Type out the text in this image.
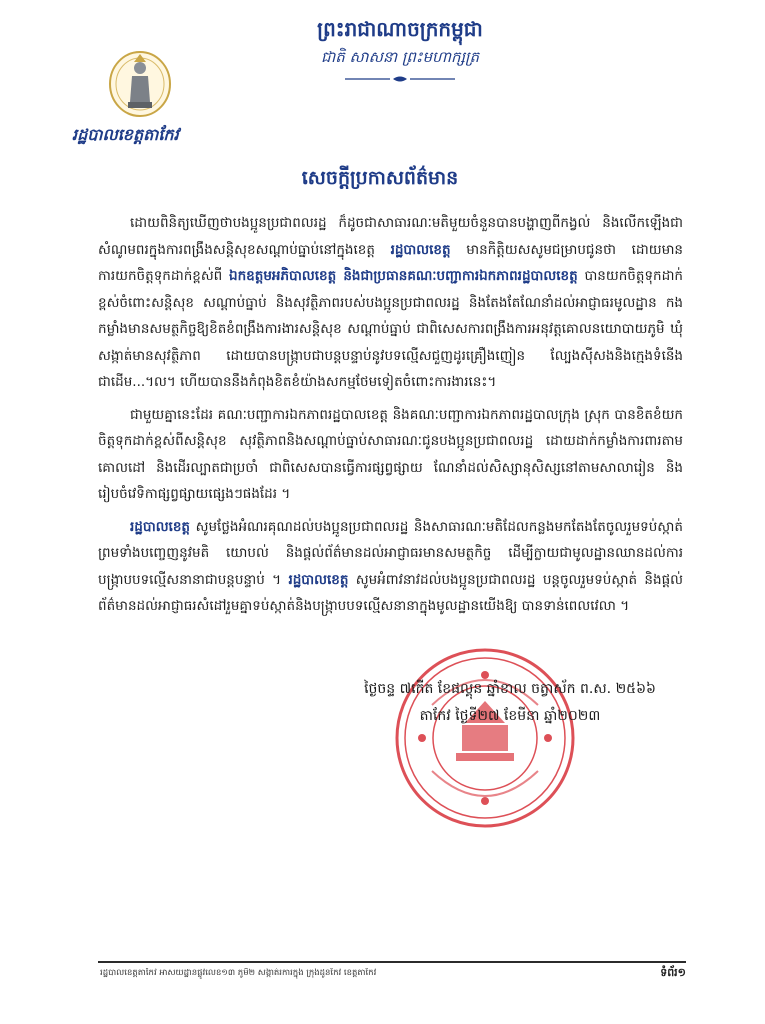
ព្រះរាជាណាចក្រកម្ពុជា
ជាតិ សាសនា ព្រះមហាក្សត្រ
រដ្ឋបាលខេត្តតាកែវ
សេចក្តីប្រកាសព័ត៌មាន

ដោយពិនិត្យឃើញថាបងប្អូនប្រជាពលរដ្ឋ ក៏ដូចជាសាធារណៈមតិមួយចំនួនបានបង្ហាញពីកង្វល់ និងលើកឡើងជាសំណូមពរក្នុងការពង្រឹងសន្តិសុខសណ្តាប់ធ្នាប់នៅក្នុងខេត្ត រដ្ឋបាលខេត្ត មានកិត្តិយសសូមជម្រាបជូនថា ដោយមានការយកចិត្តទុកដាក់ខ្ពស់ពី ឯកឧត្តមអភិបាលខេត្ត និងជាប្រធានគណៈបញ្ជាការឯកភាពរដ្ឋបាលខេត្ត បានយកចិត្តទុកដាក់ខ្ពស់ចំពោះសន្តិសុខ សណ្តាប់ធ្នាប់ និងសុវត្ថិភាពរបស់បងប្អូនប្រជាពលរដ្ឋ និងតែងតែណែនាំដល់អាជ្ញាធរមូលដ្ឋាន កងកម្លាំងមានសមត្ថកិច្ចឱ្យខិតខំពង្រឹងការងារសន្តិសុខ សណ្តាប់ធ្នាប់ ជាពិសេសការពង្រឹងការអនុវត្តគោលនយោបាយភូមិ ឃុំ សង្កាត់មានសុវត្ថិភាព ដោយបានបង្ក្រាបជាបន្តបន្ទាប់នូវបទល្មើសជួញដូរគ្រឿងញៀន ល្បែងស៊ីសងនិងក្មេងទំនើងជាដើម...។ល។ ហើយបាននឹងកំពុងខិតខំយ៉ាងសកម្មថែមទៀតចំពោះការងារនេះ។

ជាមួយគ្នានេះដែរ គណៈបញ្ជាការឯកភាពរដ្ឋបាលខេត្ត និងគណៈបញ្ជាការឯកភាពរដ្ឋបាលក្រុង ស្រុក បានខិតខំយកចិត្តទុកដាក់ខ្ពស់ពីសន្តិសុខ សុវត្ថិភាពនិងសណ្តាប់ធ្នាប់សាធារណៈជូនបងប្អូនប្រជាពលរដ្ឋ ដោយដាក់កម្លាំងការពារតាមគោលដៅ និងដើរល្បាតជាប្រចាំ ជាពិសេសបានធ្វើការផ្សព្វផ្សាយ ណែនាំដល់សិស្សានុសិស្សនៅតាមសាលារៀន និងរៀបចំវេទិកាផ្សព្វផ្សាយផ្សេងៗផងដែរ ។

រដ្ឋបាលខេត្ត សូមថ្លែងអំណរគុណដល់បងប្អូនប្រជាពលរដ្ឋ និងសាធារណៈមតិដែលកន្លងមកតែងតែចូលរួមទប់ស្កាត់ ព្រមទាំងបញ្ចេញនូវមតិ យោបល់ និងផ្តល់ព័ត៌មានដល់អាជ្ញាធរមានសមត្ថកិច្ច ដើម្បីក្លាយជាមូលដ្ឋានឈានដល់ការបង្ក្រាបបទល្មើសនានាជាបន្តបន្ទាប់ ។ រដ្ឋបាលខេត្ត សូមអំពាវនាវដល់បងប្អូនប្រជាពលរដ្ឋ បន្តចូលរួមទប់ស្កាត់ និងផ្តល់ព័ត៌មានដល់អាជ្ញាធរសំដៅរួមគ្នាទប់ស្កាត់និងបង្ក្រាបបទល្មើសនានាក្នុងមូលដ្ឋានយើងឱ្យ បានទាន់ពេលវេលា ។

ថ្ងៃចន្ទ ៧កើត ខែផល្គុន ឆ្នាំខាល ចត្វាស័ក ព.ស. ២៥៦៦
តាកែវ ថ្ងៃទី២៧ ខែមីនា ឆ្នាំ២០២៣
រដ្ឋបាលខេត្តតាកែវ អាសយដ្ឋានផ្លូវលេខ១៣ ភូមិ២ សង្កាត់រការក្នុង ក្រុងដូនកែវ ខេត្តតាកែវ	ទំព័រ១
